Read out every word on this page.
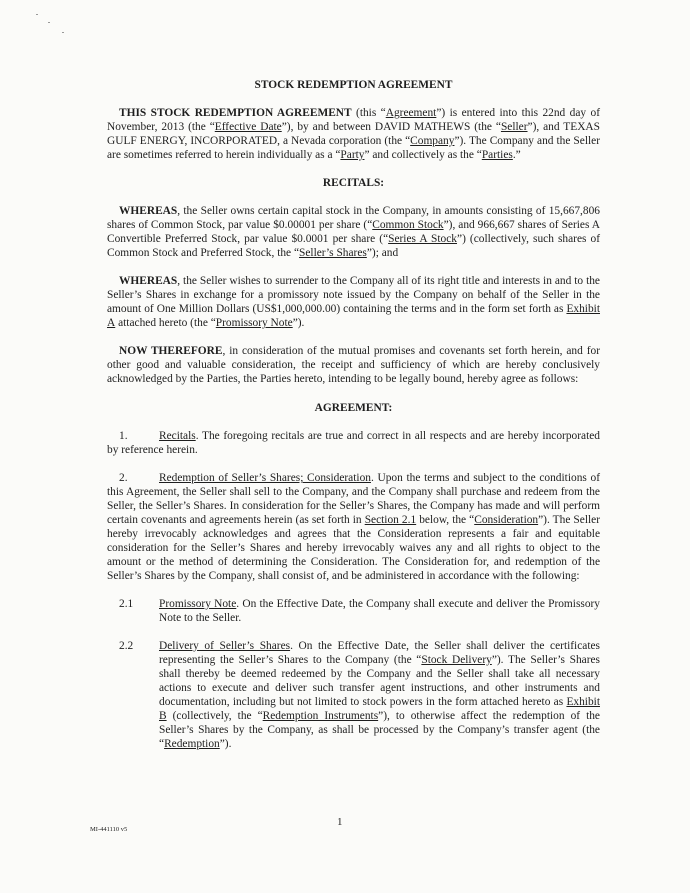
STOCK REDEMPTION AGREEMENT

THIS STOCK REDEMPTION AGREEMENT (this “Agreement”) is entered into this 22nd day of November, 2013 (the “Effective Date”), by and between DAVID MATHEWS (the “Seller”), and TEXAS GULF ENERGY, INCORPORATED, a Nevada corporation (the “Company”). The Company and the Seller are sometimes referred to herein individually as a “Party” and collectively as the “Parties.”

RECITALS:

WHEREAS, the Seller owns certain capital stock in the Company, in amounts consisting of 15,667,806 shares of Common Stock, par value $0.00001 per share (“Common Stock”), and 966,667 shares of Series A Convertible Preferred Stock, par value $0.0001 per share (“Series A Stock”) (collectively, such shares of Common Stock and Preferred Stock, the “Seller’s Shares”); and

WHEREAS, the Seller wishes to surrender to the Company all of its right title and interests in and to the Seller’s Shares in exchange for a promissory note issued by the Company on behalf of the Seller in the amount of One Million Dollars (US$1,000,000.00) containing the terms and in the form set forth as Exhibit A attached hereto (the “Promissory Note”).

NOW THEREFORE, in consideration of the mutual promises and covenants set forth herein, and for other good and valuable consideration, the receipt and sufficiency of which are hereby conclusively acknowledged by the Parties, the Parties hereto, intending to be legally bound, hereby agree as follows:

AGREEMENT:

1.	Recitals. The foregoing recitals are true and correct in all respects and are hereby incorporated by reference herein.

2.	Redemption of Seller’s Shares; Consideration. Upon the terms and subject to the conditions of this Agreement, the Seller shall sell to the Company, and the Company shall purchase and redeem from the Seller, the Seller’s Shares. In consideration for the Seller’s Shares, the Company has made and will perform certain covenants and agreements herein (as set forth in Section 2.1 below, the “Consideration”). The Seller hereby irrevocably acknowledges and agrees that the Consideration represents a fair and equitable consideration for the Seller’s Shares and hereby irrevocably waives any and all rights to object to the amount or the method of determining the Consideration. The Consideration for, and redemption of the Seller’s Shares by the Company, shall consist of, and be administered in accordance with the following:

2.1 Promissory Note. On the Effective Date, the Company shall execute and deliver the Promissory Note to the Seller.

2.2 Delivery of Seller’s Shares. On the Effective Date, the Seller shall deliver the certificates representing the Seller’s Shares to the Company (the “Stock Delivery”). The Seller’s Shares shall thereby be deemed redeemed by the Company and the Seller shall take all necessary actions to execute and deliver such transfer agent instructions, and other instruments and documentation, including but not limited to stock powers in the form attached hereto as Exhibit B (collectively, the “Redemption Instruments”), to otherwise affect the redemption of the Seller’s Shares by the Company, as shall be processed by the Company’s transfer agent (the “Redemption”).

1
MI-441110 v5
